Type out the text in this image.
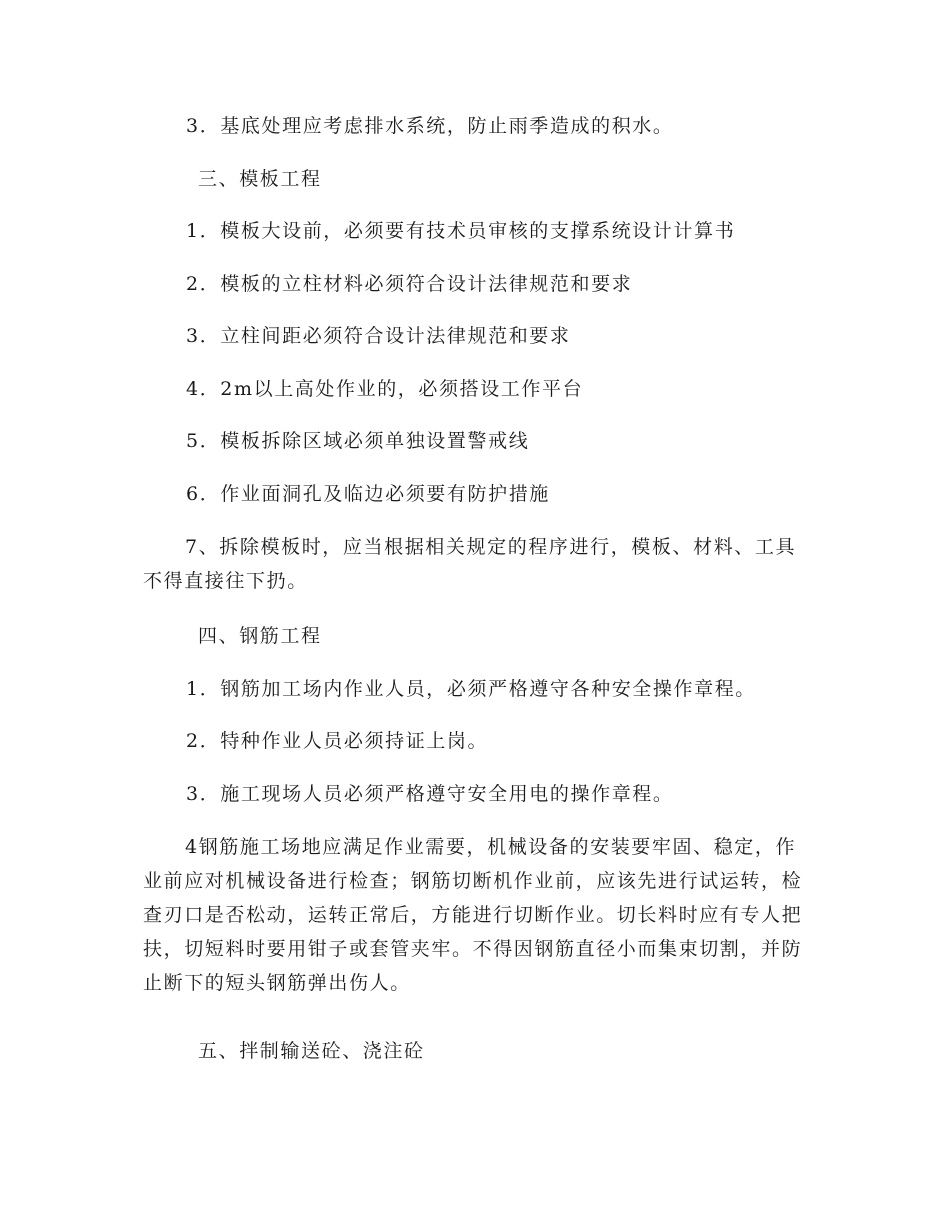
3．基底处理应考虑排水系统，防止雨季造成的积水。
三、模板工程
1．模板大设前，必须要有技术员审核的支撑系统设计计算书
2．模板的立柱材料必须符合设计法律规范和要求
3．立柱间距必须符合设计法律规范和要求
4．2m以上高处作业的，必须搭设工作平台
5．模板拆除区域必须单独设置警戒线
6．作业面洞孔及临边必须要有防护措施
7、拆除模板时，应当根据相关规定的程序进行，模板、材料、工具不得直接往下扔。
四、钢筋工程
1．钢筋加工场内作业人员，必须严格遵守各种安全操作章程。
2．特种作业人员必须持证上岗。
3．施工现场人员必须严格遵守安全用电的操作章程。
4钢筋施工场地应满足作业需要，机械设备的安装要牢固、稳定，作业前应对机械设备进行检查；钢筋切断机作业前，应该先进行试运转，检查刃口是否松动，运转正常后，方能进行切断作业。切长料时应有专人把扶，切短料时要用钳子或套管夹牢。不得因钢筋直径小而集束切割，并防止断下的短头钢筋弹出伤人。
五、拌制输送砼、浇注砼
